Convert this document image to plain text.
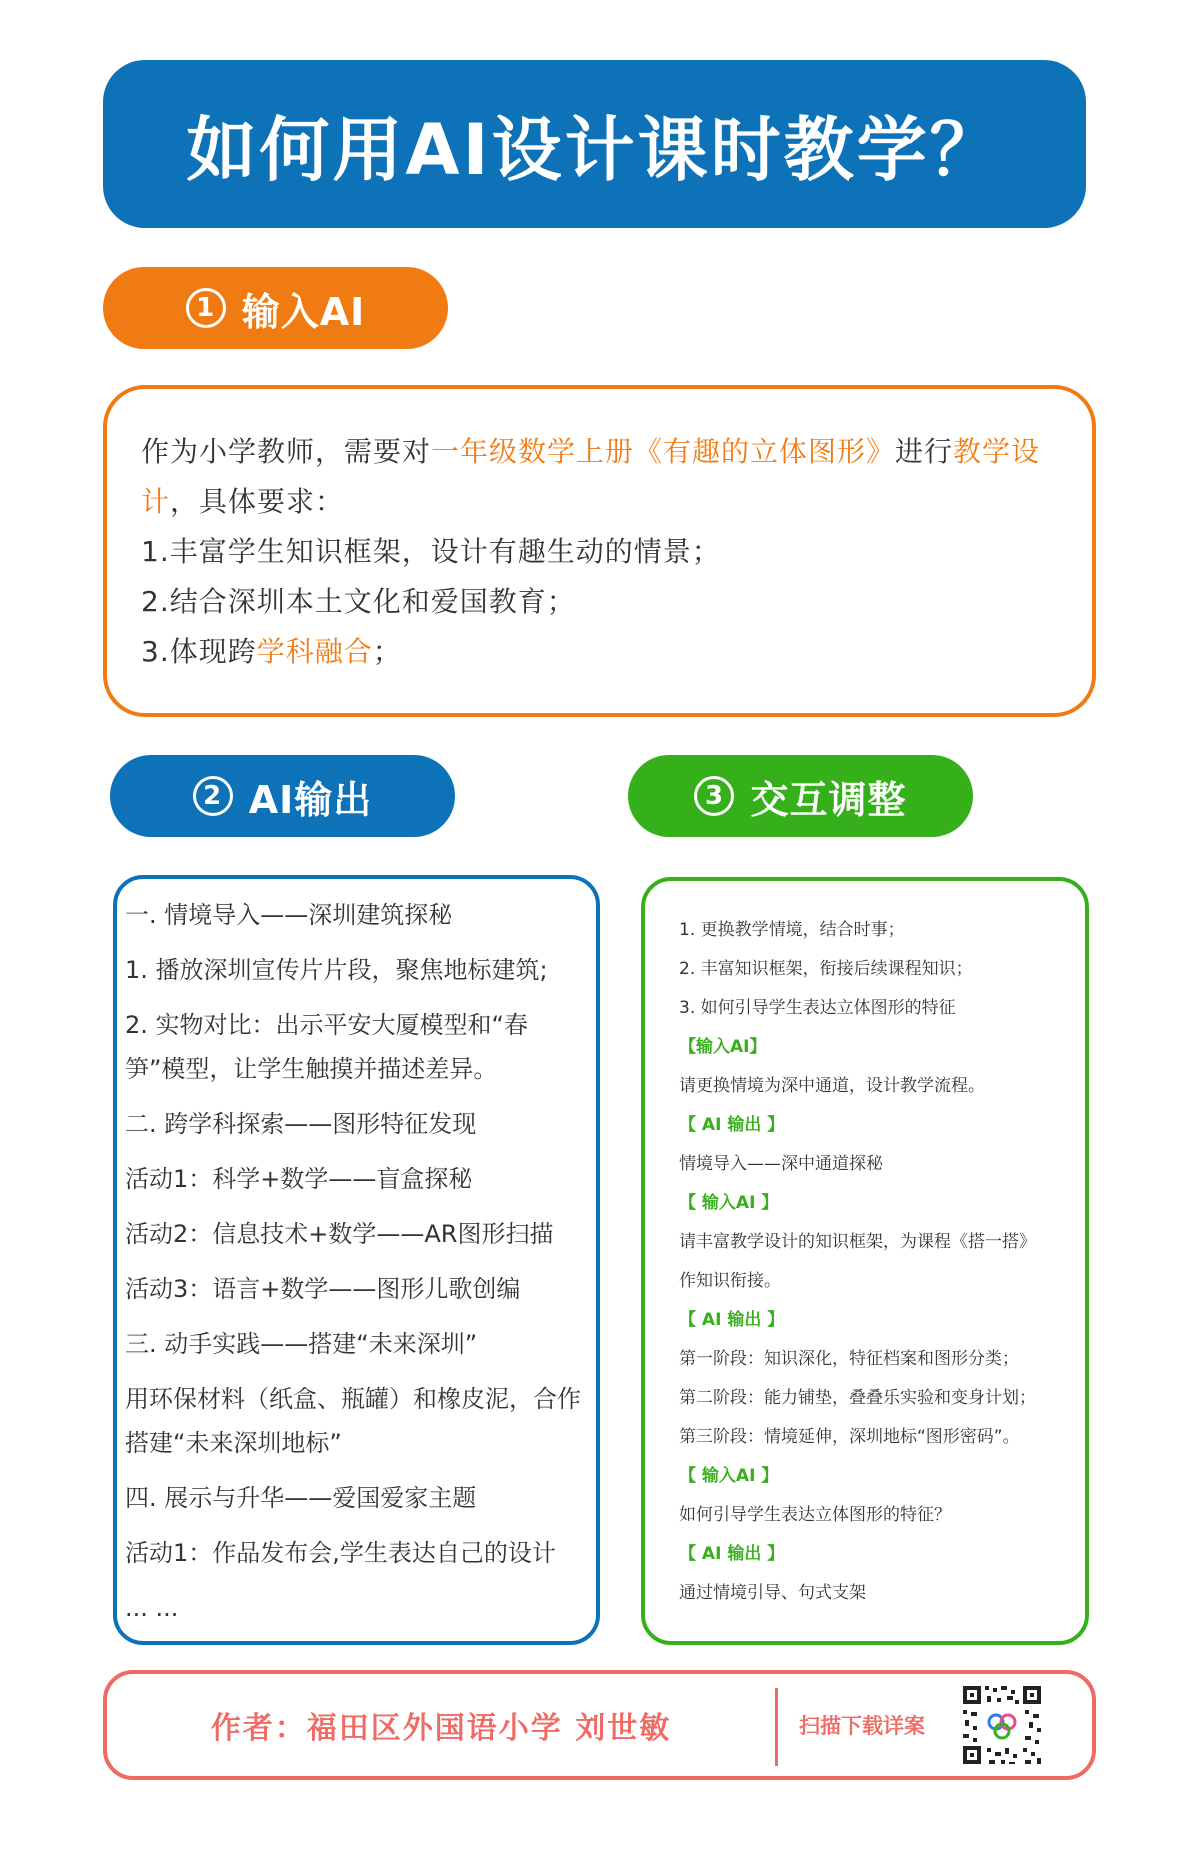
如何用AI设计课时教学？
1 输入AI

作为小学教师，需要对一年级数学上册《有趣的立体图形》进行教学设

计，具体要求：

1.丰富学生知识框架，设计有趣生动的情景；

2.结合深圳本土文化和爱国教育；

3.体现跨学科融合；

2 AI输出	3 交互调整
一. 情境导入——深圳建筑探秘
1. 播放深圳宣传片片段，聚焦地标建筑;
2. 实物对比：出示平安大厦模型和“春笋”模型，让学生触摸并描述差异。
二. 跨学科探索——图形特征发现
活动1：科学+数学——盲盒探秘
活动2：信息技术+数学——AR图形扫描
活动3：语言+数学——图形儿歌创编
三. 动手实践——搭建“未来深圳”
用环保材料（纸盒、瓶罐）和橡皮泥，合作搭建“未来深圳地标”
四. 展示与升华——爱国爱家主题
活动1：作品发布会,学生表达自己的设计
... ...
1. 更换教学情境，结合时事；
2. 丰富知识框架，衔接后续课程知识；
3. 如何引导学生表达立体图形的特征
【输入AI】
请更换情境为深中通道，设计教学流程。
【 AI 输出 】
情境导入——深中通道探秘
【 输入AI 】
请丰富教学设计的知识框架，为课程《搭一搭》
作知识衔接。
【 AI 输出 】
第一阶段：知识深化，特征档案和图形分类；
第二阶段：能力铺垫，叠叠乐实验和变身计划；
第三阶段：情境延伸，深圳地标“图形密码”。
【 输入AI 】
如何引导学生表达立体图形的特征？
【 AI 输出 】
通过情境引导、句式支架
作者：福田区外国语小学 刘世敏	扫描下载详案
